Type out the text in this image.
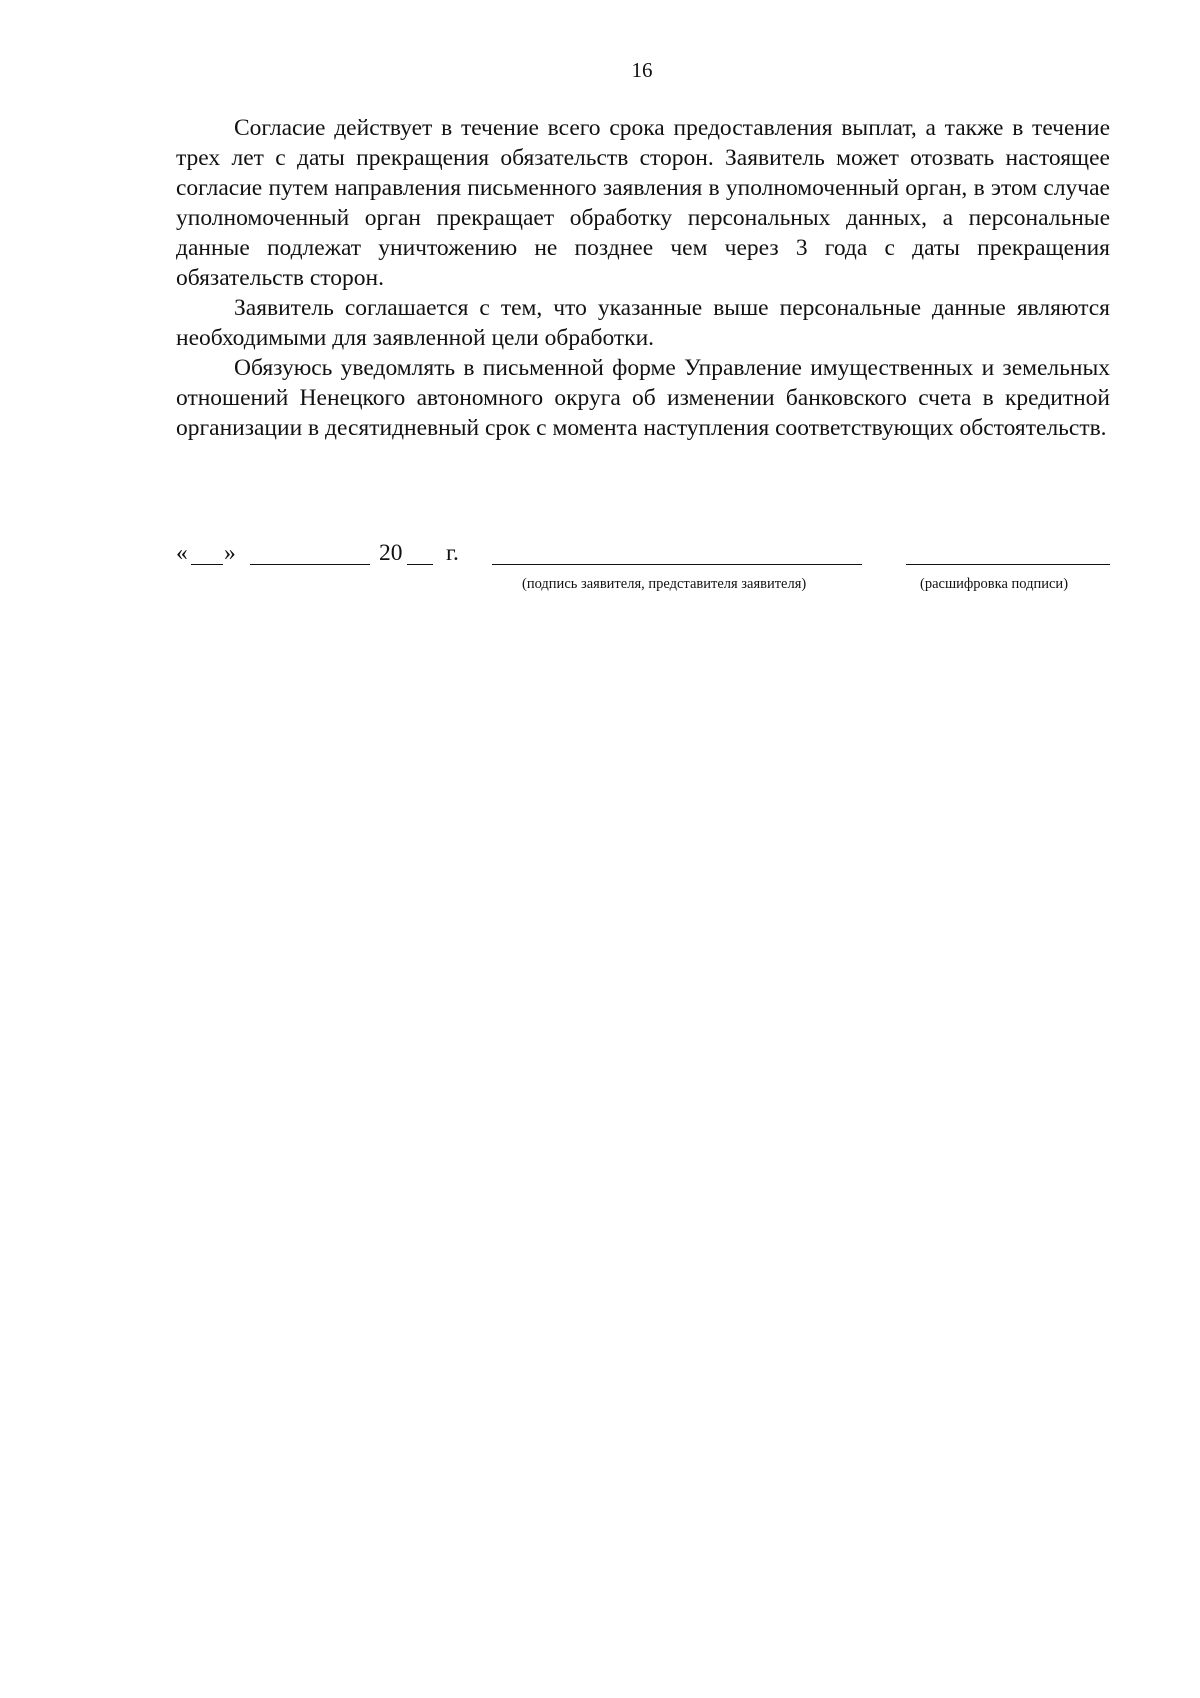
16

Согласие действует в течение всего срока предоставления выплат, а также в течение трех лет с даты прекращения обязательств сторон. Заявитель может отозвать настоящее согласие путем направления письменного заявления в уполномоченный орган, в этом случае уполномоченный орган прекращает обработку персональных данных, а персональные данные подлежат уничтожению не позднее чем через 3 года с даты прекращения обязательств сторон.

Заявитель соглашается с тем, что указанные выше персональные данные являются необходимыми для заявленной цели обработки.

Обязуюсь уведомлять в письменной форме Управление имущественных и земельных отношений Ненецкого автономного округа об изменении банковского счета в кредитной организации в десятидневный срок с момента наступления соответствующих обстоятельств.

« »	20 г.
(подпись заявителя, представителя заявителя)	(расшифровка подписи)
